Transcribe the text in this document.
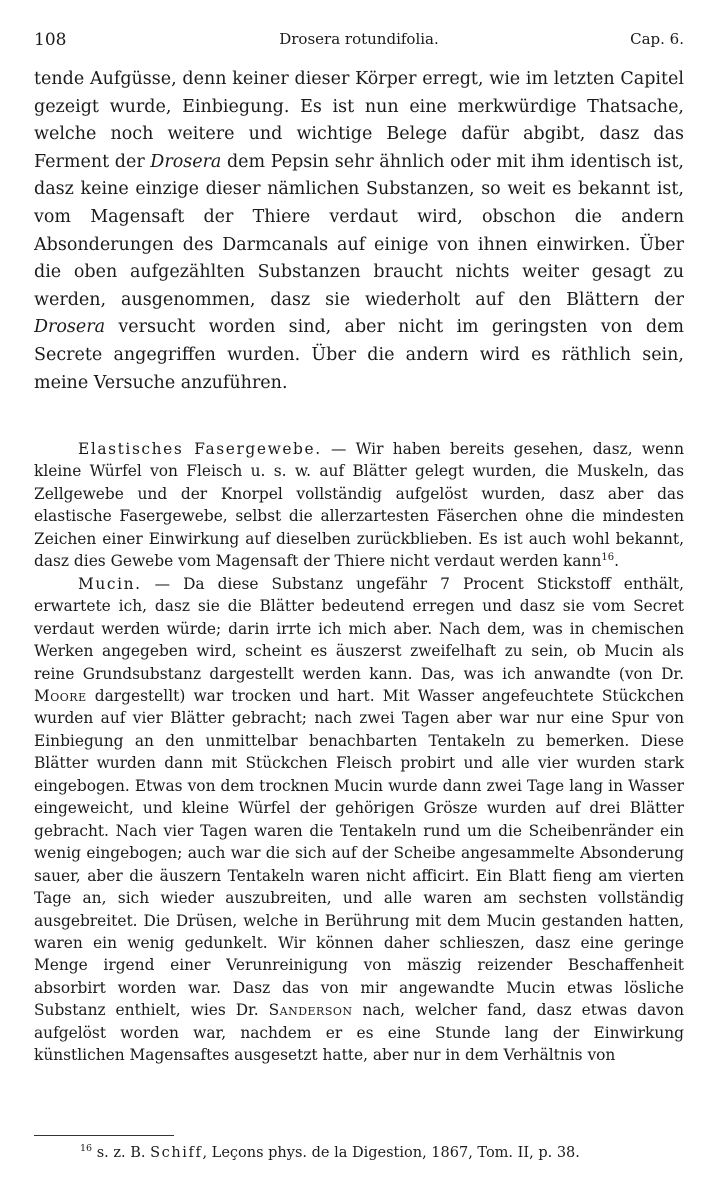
108	Drosera rotundifolia.	Cap. 6.

tende Aufgüsse, denn keiner dieser Körper erregt, wie im letzten Capitel gezeigt wurde, Einbiegung. Es ist nun eine merkwürdige Thatsache, welche noch weitere und wichtige Belege dafür abgibt, dasz das Ferment der Drosera dem Pepsin sehr ähnlich oder mit ihm identisch ist, dasz keine einzige dieser nämlichen Substanzen, so weit es bekannt ist, vom Magensaft der Thiere verdaut wird, obschon die andern Absonderungen des Darmcanals auf einige von ihnen einwirken. Über die oben aufgezählten Substanzen braucht nichts weiter gesagt zu werden, ausgenommen, dasz sie wiederholt auf den Blättern der Drosera versucht worden sind, aber nicht im geringsten von dem Secrete angegriffen wurden. Über die andern wird es räthlich sein, meine Versuche anzuführen.

Elastisches Fasergewebe. — Wir haben bereits gesehen, dasz, wenn kleine Würfel von Fleisch u. s. w. auf Blätter gelegt wurden, die Muskeln, das Zellgewebe und der Knorpel vollständig aufgelöst wurden, dasz aber das elastische Fasergewebe, selbst die allerzartesten Fäserchen ohne die mindesten Zeichen einer Einwirkung auf dieselben zurückblieben. Es ist auch wohl bekannt, dasz dies Gewebe vom Magensaft der Thiere nicht verdaut werden kann$^{16}$.

Mucin. — Da diese Substanz ungefähr 7 Procent Stickstoff enthält, erwartete ich, dasz sie die Blätter bedeutend erregen und dasz sie vom Secret verdaut werden würde; darin irrte ich mich aber. Nach dem, was in chemischen Werken angegeben wird, scheint es äuszerst zweifelhaft zu sein, ob Mucin als reine Grundsubstanz dargestellt werden kann. Das, was ich anwandte (von Dr. Moore dargestellt) war trocken und hart. Mit Wasser angefeuchtete Stückchen wurden auf vier Blätter gebracht; nach zwei Tagen aber war nur eine Spur von Einbiegung an den unmittelbar benachbarten Tentakeln zu bemerken. Diese Blätter wurden dann mit Stückchen Fleisch probirt und alle vier wurden stark eingebogen. Etwas von dem trocknen Mucin wurde dann zwei Tage lang in Wasser eingeweicht, und kleine Würfel der gehörigen Grösze wurden auf drei Blätter gebracht. Nach vier Tagen waren die Tentakeln rund um die Scheibenränder ein wenig eingebogen; auch war die sich auf der Scheibe angesammelte Absonderung sauer, aber die äuszern Tentakeln waren nicht afficirt. Ein Blatt fieng am vierten Tage an, sich wieder auszubreiten, und alle waren am sechsten vollständig ausgebreitet. Die Drüsen, welche in Berührung mit dem Mucin gestanden hatten, waren ein wenig gedunkelt. Wir können daher schlieszen, dasz eine geringe Menge irgend einer Verunreinigung von mäszig reizender Beschaffenheit absorbirt worden war. Dasz das von mir angewandte Mucin etwas lösliche Substanz enthielt, wies Dr. Sanderson nach, welcher fand, dasz etwas davon aufgelöst worden war, nachdem er es eine Stunde lang der Einwirkung künstlichen Magensaftes ausgesetzt hatte, aber nur in dem Verhältnis von

$^{16}$ s. z. B. Schiff, Leçons phys. de la Digestion, 1867, Tom. II, p. 38.
